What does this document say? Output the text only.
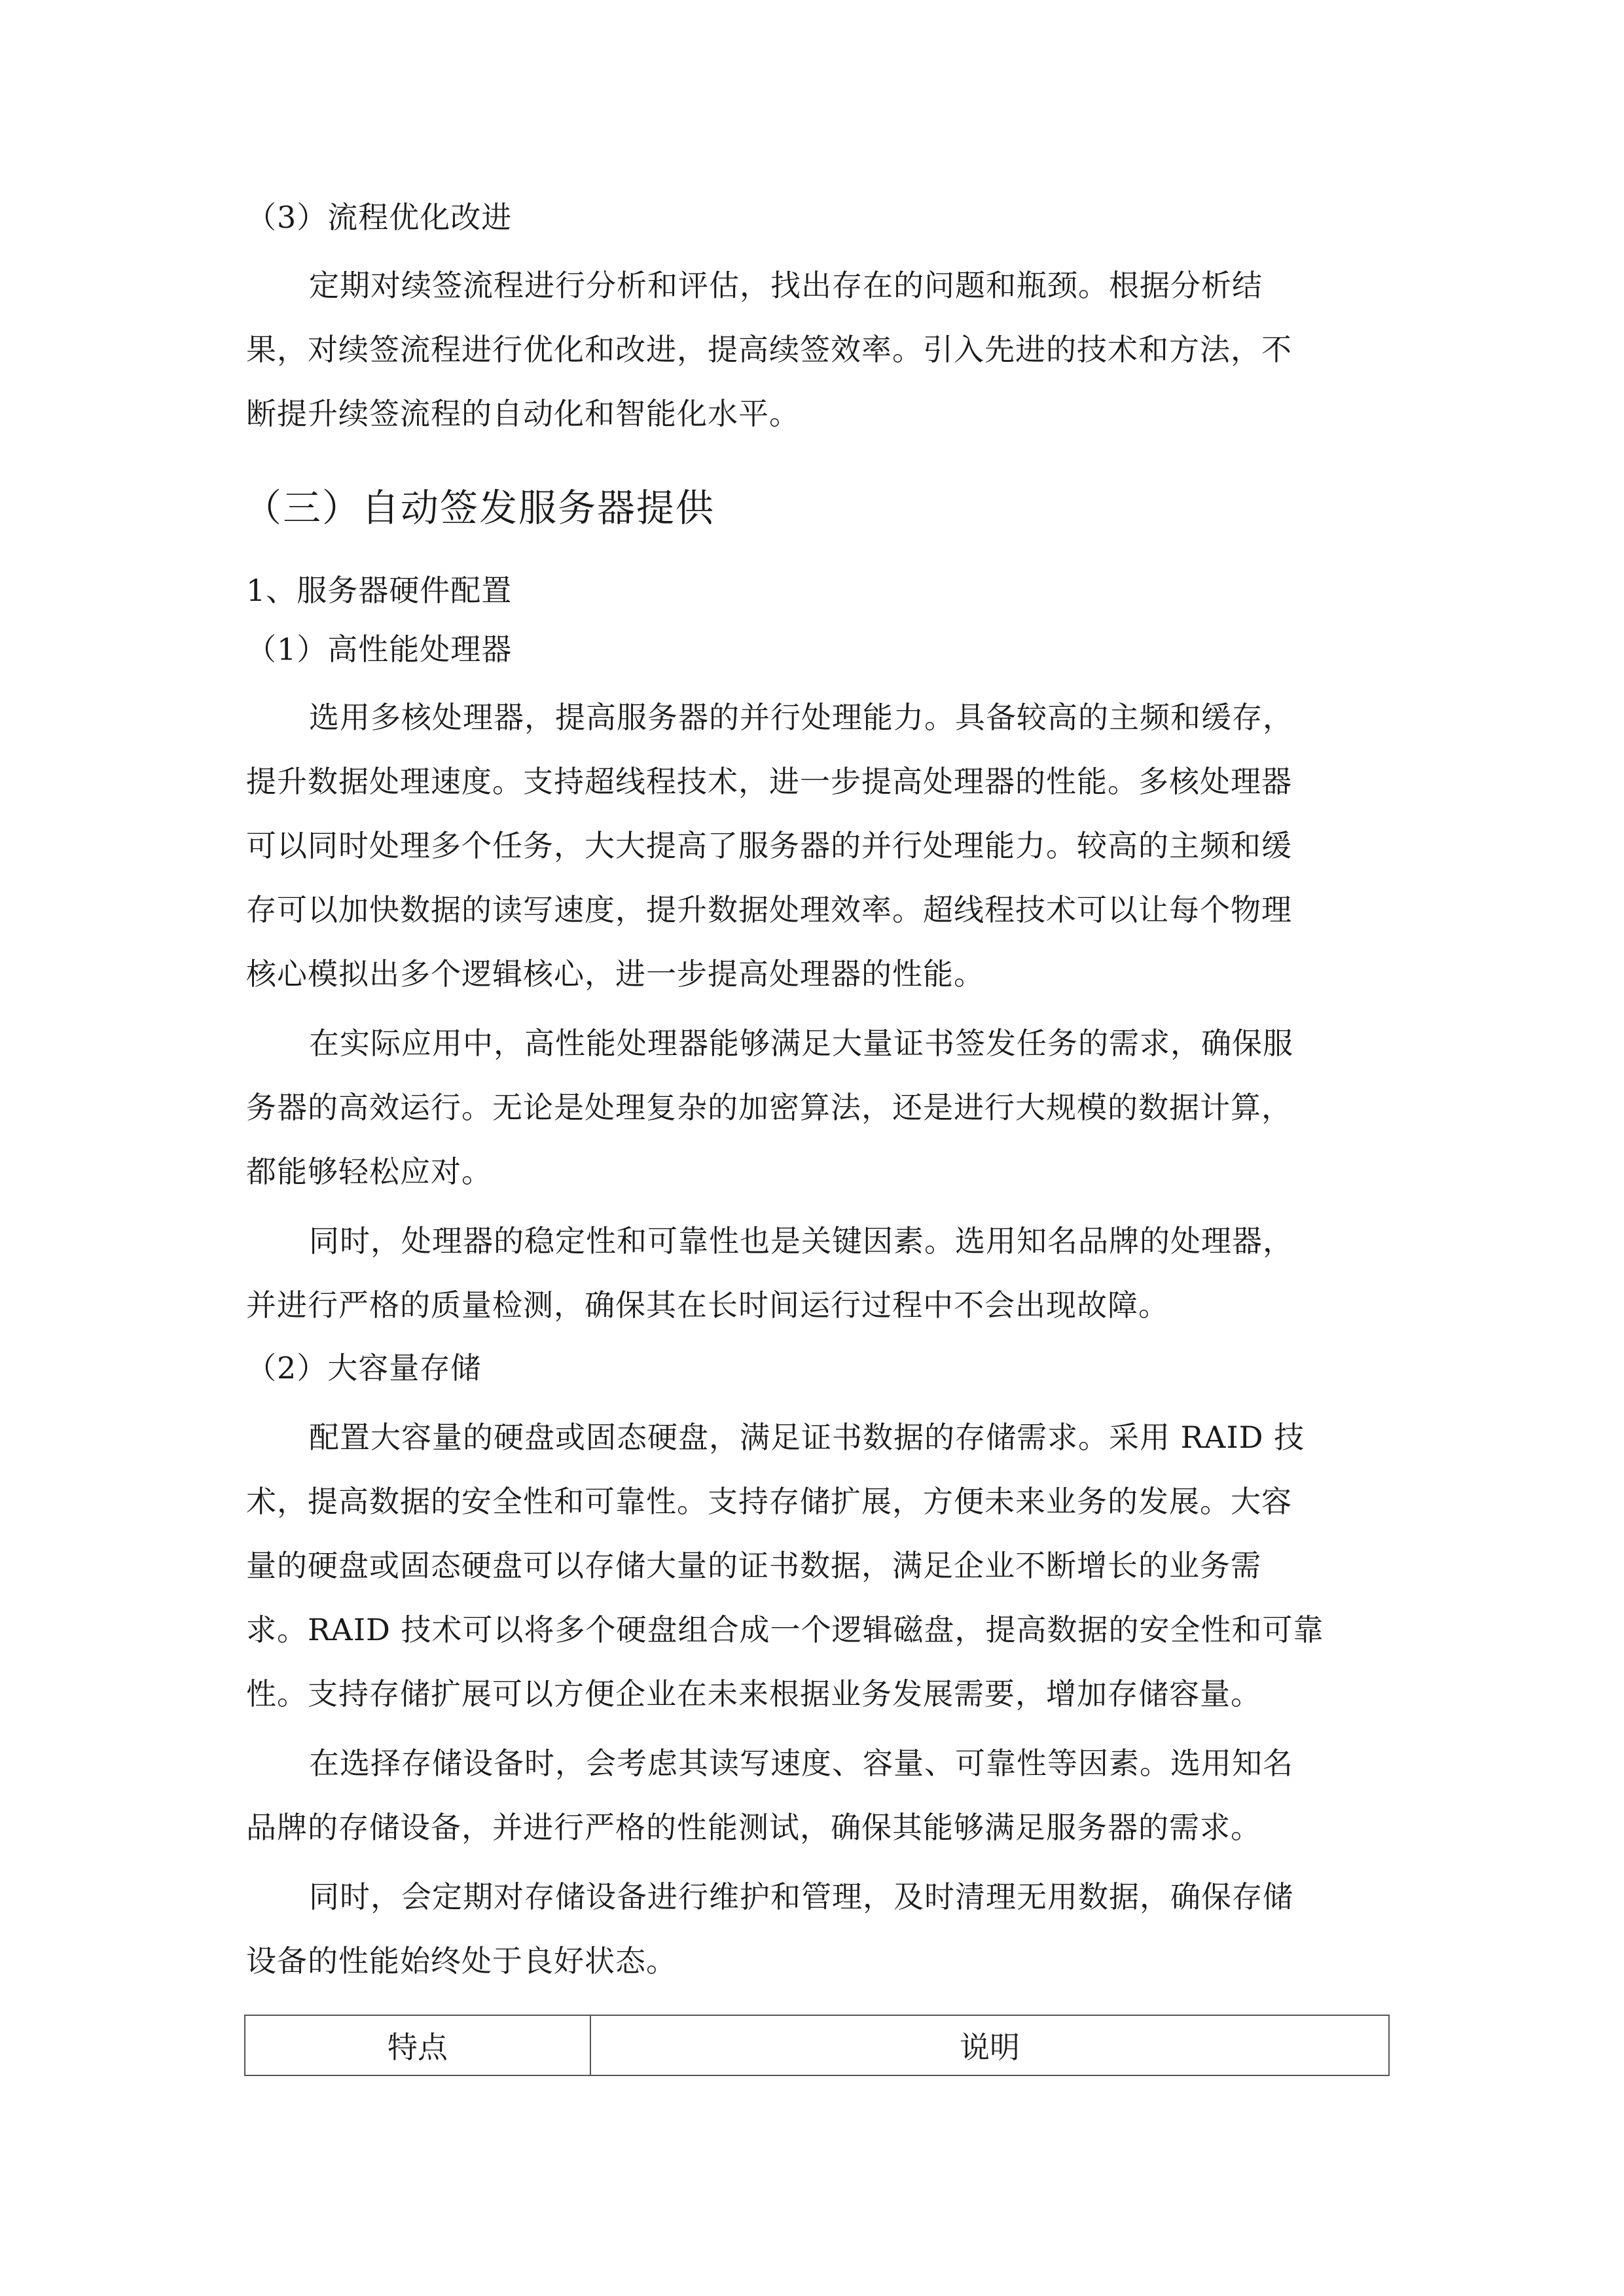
（3）流程优化改进
定期对续签流程进行分析和评估，找出存在的问题和瓶颈。根据分析结
果，对续签流程进行优化和改进，提高续签效率。引入先进的技术和方法，不
断提升续签流程的自动化和智能化水平。
（三）自动签发服务器提供
1、服务器硬件配置
（1）高性能处理器
选用多核处理器，提高服务器的并行处理能力。具备较高的主频和缓存，
提升数据处理速度。支持超线程技术，进一步提高处理器的性能。多核处理器
可以同时处理多个任务，大大提高了服务器的并行处理能力。较高的主频和缓
存可以加快数据的读写速度，提升数据处理效率。超线程技术可以让每个物理
核心模拟出多个逻辑核心，进一步提高处理器的性能。
在实际应用中，高性能处理器能够满足大量证书签发任务的需求，确保服
务器的高效运行。无论是处理复杂的加密算法，还是进行大规模的数据计算，
都能够轻松应对。
同时，处理器的稳定性和可靠性也是关键因素。选用知名品牌的处理器，
并进行严格的质量检测，确保其在长时间运行过程中不会出现故障。
（2）大容量存储
配置大容量的硬盘或固态硬盘，满足证书数据的存储需求。采用 RAID 技
术，提高数据的安全性和可靠性。支持存储扩展，方便未来业务的发展。大容
量的硬盘或固态硬盘可以存储大量的证书数据，满足企业不断增长的业务需
求。RAID 技术可以将多个硬盘组合成一个逻辑磁盘，提高数据的安全性和可靠
性。支持存储扩展可以方便企业在未来根据业务发展需要，增加存储容量。
在选择存储设备时，会考虑其读写速度、容量、可靠性等因素。选用知名
品牌的存储设备，并进行严格的性能测试，确保其能够满足服务器的需求。
同时，会定期对存储设备进行维护和管理，及时清理无用数据，确保存储
设备的性能始终处于良好状态。
特点	说明
